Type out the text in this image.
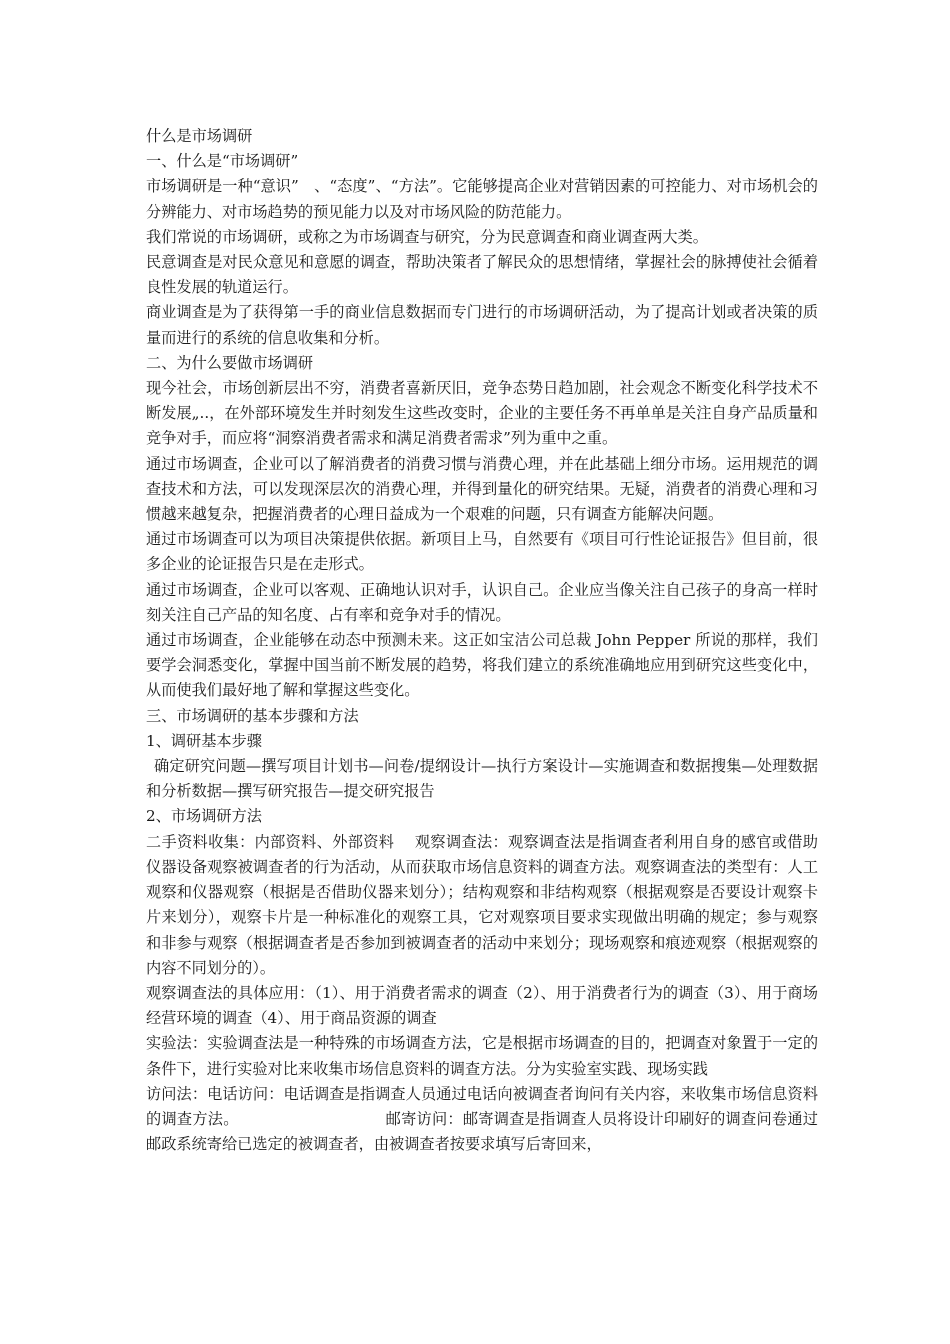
什么是市场调研

一、什么是“市场调研”

市场调研是一种“意识”　、“态度”、“方法”。它能够提高企业对营销因素的可控能力、对市场机会的分辨能力、对市场趋势的预见能力以及对市场风险的防范能力。

我们常说的市场调研，或称之为市场调查与研究，分为民意调查和商业调查两大类。

民意调查是对民众意见和意愿的调查，帮助决策者了解民众的思想情绪，掌握社会的脉搏使社会循着良性发展的轨道运行。

商业调查是为了获得第一手的商业信息数据而专门进行的市场调研活动，为了提高计划或者决策的质量而进行的系统的信息收集和分析。

二、为什么要做市场调研

现今社会，市场创新层出不穷，消费者喜新厌旧，竞争态势日趋加剧，社会观念不断变化科学技术不断发展„..，在外部环境发生并时刻发生这些改变时，企业的主要任务不再单单是关注自身产品质量和竞争对手，而应将“洞察消费者需求和满足消费者需求”列为重中之重。

通过市场调查，企业可以了解消费者的消费习惯与消费心理，并在此基础上细分市场。运用规范的调查技术和方法，可以发现深层次的消费心理，并得到量化的研究结果。无疑，消费者的消费心理和习惯越来越复杂，把握消费者的心理日益成为一个艰难的问题，只有调查方能解决问题。

通过市场调查可以为项目决策提供依据。新项目上马，自然要有《项目可行性论证报告》但目前，很多企业的论证报告只是在走形式。

通过市场调查，企业可以客观、正确地认识对手，认识自己。企业应当像关注自己孩子的身高一样时刻关注自己产品的知名度、占有率和竞争对手的情况。

通过市场调查，企业能够在动态中预测未来。这正如宝洁公司总裁 John Pepper 所说的那样，我们要学会洞悉变化，掌握中国当前不断发展的趋势，将我们建立的系统准确地应用到研究这些变化中，从而使我们最好地了解和掌握这些变化。

三、市场调研的基本步骤和方法

1、调研基本步骤

确定研究问题—撰写项目计划书—问卷/提纲设计—执行方案设计—实施调查和数据搜集—处理数据和分析数据—撰写研究报告—提交研究报告

2、市场调研方法

二手资料收集：内部资料、外部资料　 观察调查法：观察调查法是指调查者利用自身的感官或借助仪器设备观察被调查者的行为活动，从而获取市场信息资料的调查方法。观察调查法的类型有：人工观察和仪器观察（根据是否借助仪器来划分）；结构观察和非结构观察（根据观察是否要设计观察卡片来划分），观察卡片是一种标准化的观察工具，它对观察项目要求实现做出明确的规定；参与观察和非参与观察（根据调查者是否参加到被调查者的活动中来划分；现场观察和痕迹观察（根据观察的内容不同划分的）。

观察调查法的具体应用：（1）、用于消费者需求的调查（2）、用于消费者行为的调查（3）、用于商场经营环境的调查（4）、用于商品资源的调查

实验法：实验调查法是一种特殊的市场调查方法，它是根据市场调查的目的，把调查对象置于一定的条件下，进行实验对比来收集市场信息资料的调查方法。分为实验室实践、现场实践

访问法：电话访问：电话调查是指调查人员通过电话向被调查者询问有关内容，来收集市场信息资料的调查方法。　　　　　　　　　　邮寄访问：邮寄调查是指调查人员将设计印刷好的调查问卷通过邮政系统寄给已选定的被调查者，由被调查者按要求填写后寄回来，
